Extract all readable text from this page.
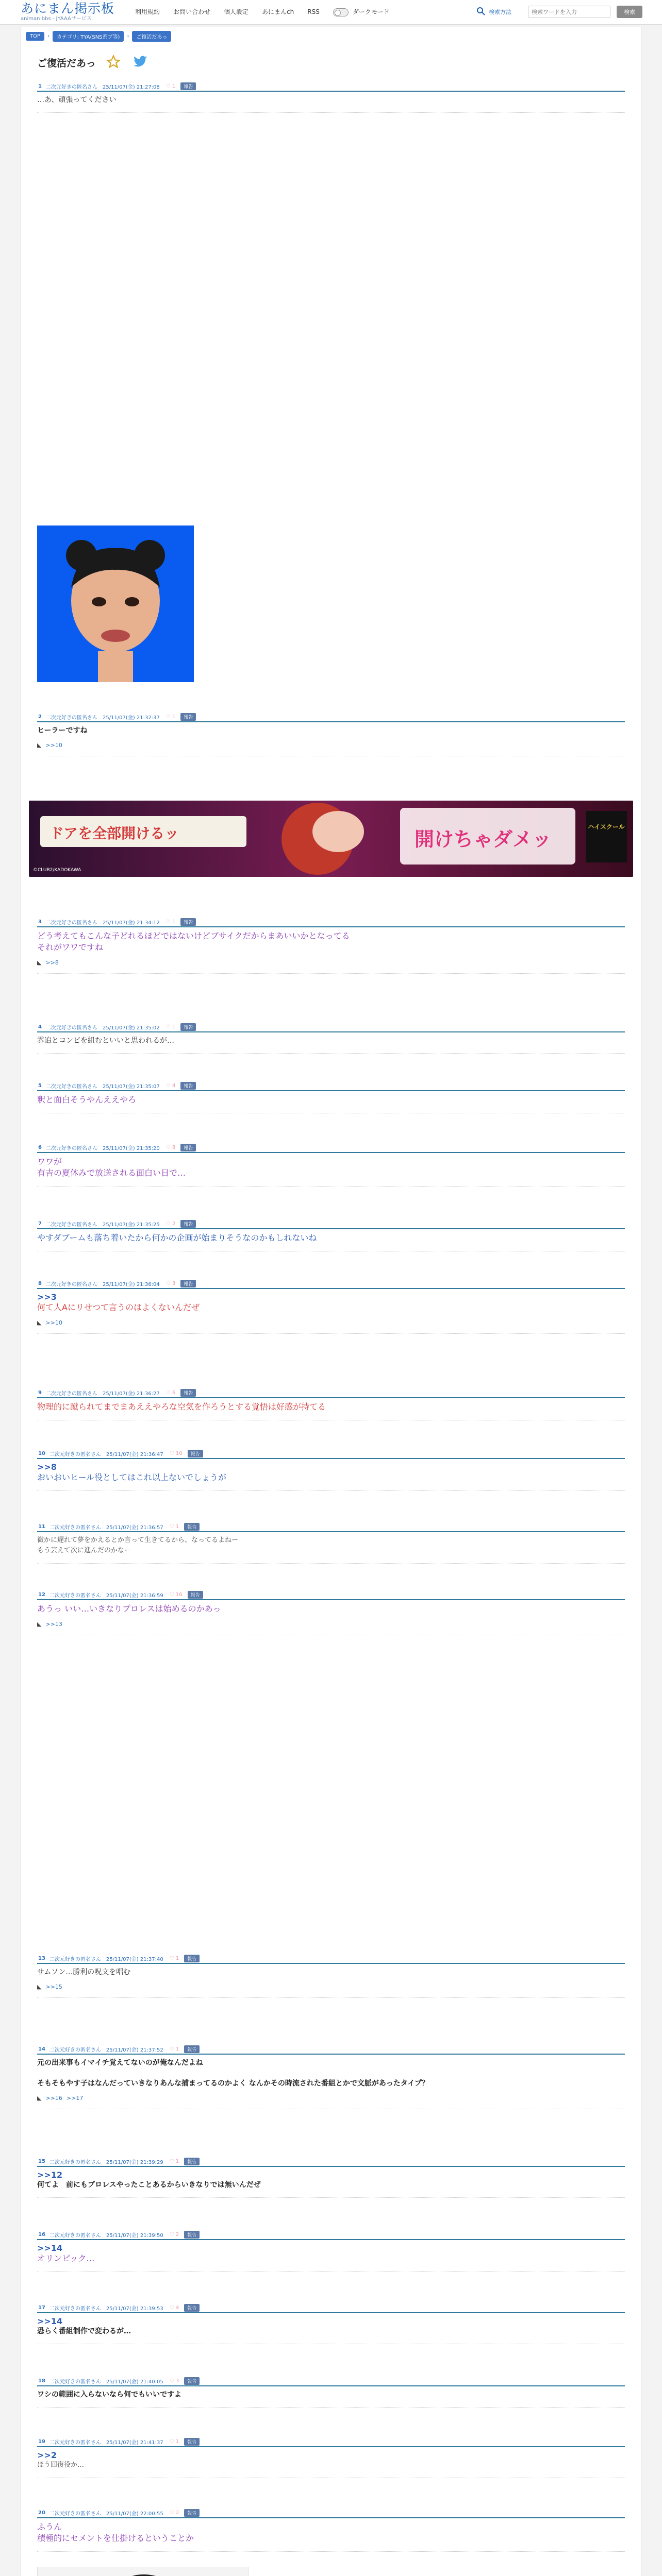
あにまん掲示板
animan bbs - JYAAAサービス
利用規約 お問い合わせ 個人設定 あにまんch RSS	ダークモード	検索方法
検索ワードを入力	検索
TOP	›	カテゴリ: TYA(SNS系ブ等)	›	ご復活だあっ
ご復活だあっ
1 二次元好きの匿名さん 25/11/07(金) 21:27:08 ♡ 1	報告
…あ、頑張ってください
2 二次元好きの匿名さん 25/11/07(金) 21:32:37 ♡ 1	報告
ヒーラーですね
◣ >>10
3 二次元好きの匿名さん 25/11/07(金) 21:34:12 ♡ 1	報告
どう考えてもこんな子どれるほどではないけどブサイクだからまあいいかとなってる
それがワワですね
◣ >>8
4 二次元好きの匿名さん 25/11/07(金) 21:35:02 ♡ 1	報告
雰追とコンビを組むといいと思われるが…
5 二次元好きの匿名さん 25/11/07(金) 21:35:07 ♡ 4	報告
釈と面白そうやんええやろ
6 二次元好きの匿名さん 25/11/07(金) 21:35:20 ♡ 8	報告
ワワが
有吉の夏休みで放送される面白い日で…
7 二次元好きの匿名さん 25/11/07(金) 21:35:25 ♡ 2	報告
やすダブームも落ち着いたから何かの企画が始まりそうなのかもしれないね
8 二次元好きの匿名さん 25/11/07(金) 21:36:04 ♡ 3	報告
>>3
何て人Aにリせつて言うのはよくないんだぜ
◣ >>10
9 二次元好きの匿名さん 25/11/07(金) 21:36:27 ♡ 6	報告
物理的に蹴られてまでまあええやろな空気を作ろうとする覚悟は好感が持てる
10 二次元好きの匿名さん 25/11/07(金) 21:36:47 ♡ 10	報告
>>8
おいおいヒール役としてはこれ以上ないでしょうが
11 二次元好きの匿名さん 25/11/07(金) 21:36:57 ♡ 1	報告
微かに遅れて夢をかえるとか言って生きてるから、なってるよねー
もう芸えて次に進んだのかなー
12 二次元好きの匿名さん 25/11/07(金) 21:36:59 ♡ 16	報告
あうっ いい…いきなりプロレスは始めるのかあっ
◣ >>13
13 二次元好きの匿名さん 25/11/07(金) 21:37:40 ♡ 1	報告
サムソン…勝利の呪文を唱む
◣ >>15
14 二次元好きの匿名さん 25/11/07(金) 21:37:52 ♡ 1	報告
元の出来事もイマイチ覚えてないのが俺なんだよね

そもそもやす子はなんだっていきなりあんな捕まってるのかよく なんかその時流された番組とかで文脈があったタイプ？
◣ >>16 >>17
15 二次元好きの匿名さん 25/11/07(金) 21:39:29 ♡ 1	報告
>>12
何てよ　前にもプロレスやったことあるからいきなりでは無いんだぜ
16 二次元好きの匿名さん 25/11/07(金) 21:39:50 ♡ 2	報告
>>14
オリンピック…
17 二次元好きの匿名さん 25/11/07(金) 21:39:53 ♡ 4	報告
>>14
恐らく番組制作で変わるが…
18 二次元好きの匿名さん 25/11/07(金) 21:40:05 ♡ 3	報告
ワシの範囲に入らないなら何でもいいですよ
19 二次元好きの匿名さん 25/11/07(金) 21:41:37 ♡ 1	報告
>>2
ほう回復役か…
20 二次元好きの匿名さん 25/11/07(金) 22:00:55 ♡ 2	報告
ふうん
積極的にセメントを仕掛けるということか
ドアを全部開けるッ	開けちゃダメッ
ハイスクール
©CLUB2/KADOKAWA
